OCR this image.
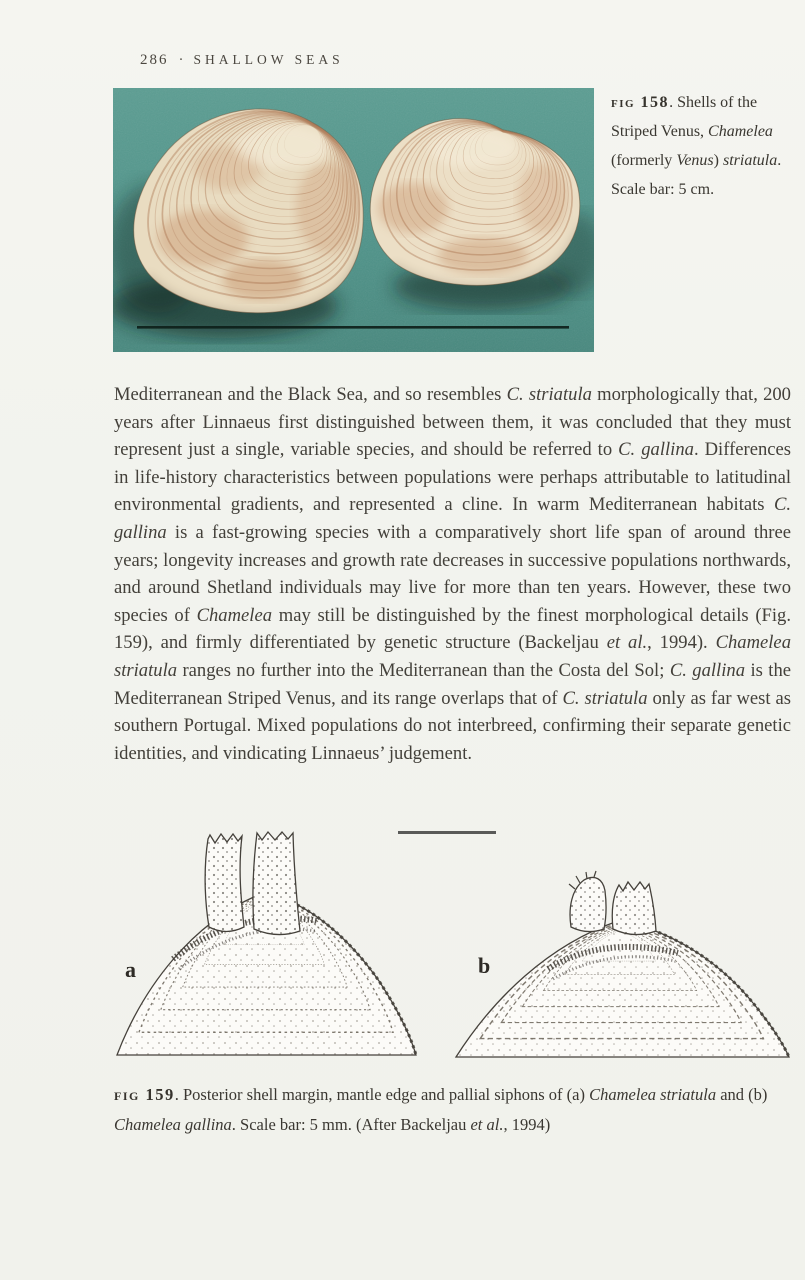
286 · SHALLOW SEAS
fig 158. Shells of the Striped Venus, Chamelea (formerly Venus) striatula. Scale bar: 5 cm.

Mediterranean and the Black Sea, and so resembles C. striatula morphologically that, 200 years after Linnaeus first distinguished between them, it was concluded that they must represent just a single, variable species, and should be referred to C. gallina. Differences in life-history characteristics between populations were perhaps attributable to latitudinal environmental gradients, and represented a cline. In warm Mediterranean habitats C. gallina is a fast-growing species with a comparatively short life span of around three years; longevity increases and growth rate decreases in successive populations northwards, and around Shetland individuals may live for more than ten years. However, these two species of Chamelea may still be distinguished by the finest morphological details (Fig. 159), and firmly differentiated by genetic structure (Backeljau et al., 1994). Chamelea striatula ranges no further into the Mediterranean than the Costa del Sol; C. gallina is the Mediterranean Striped Venus, and its range overlaps that of C. striatula only as far west as southern Portugal. Mixed populations do not interbreed, confirming their separate genetic identities, and vindicating Linnaeus’ judgement.

a	b
fig 159. Posterior shell margin, mantle edge and pallial siphons of (a) Chamelea striatula and (b) Chamelea gallina. Scale bar: 5 mm. (After Backeljau et al., 1994)
